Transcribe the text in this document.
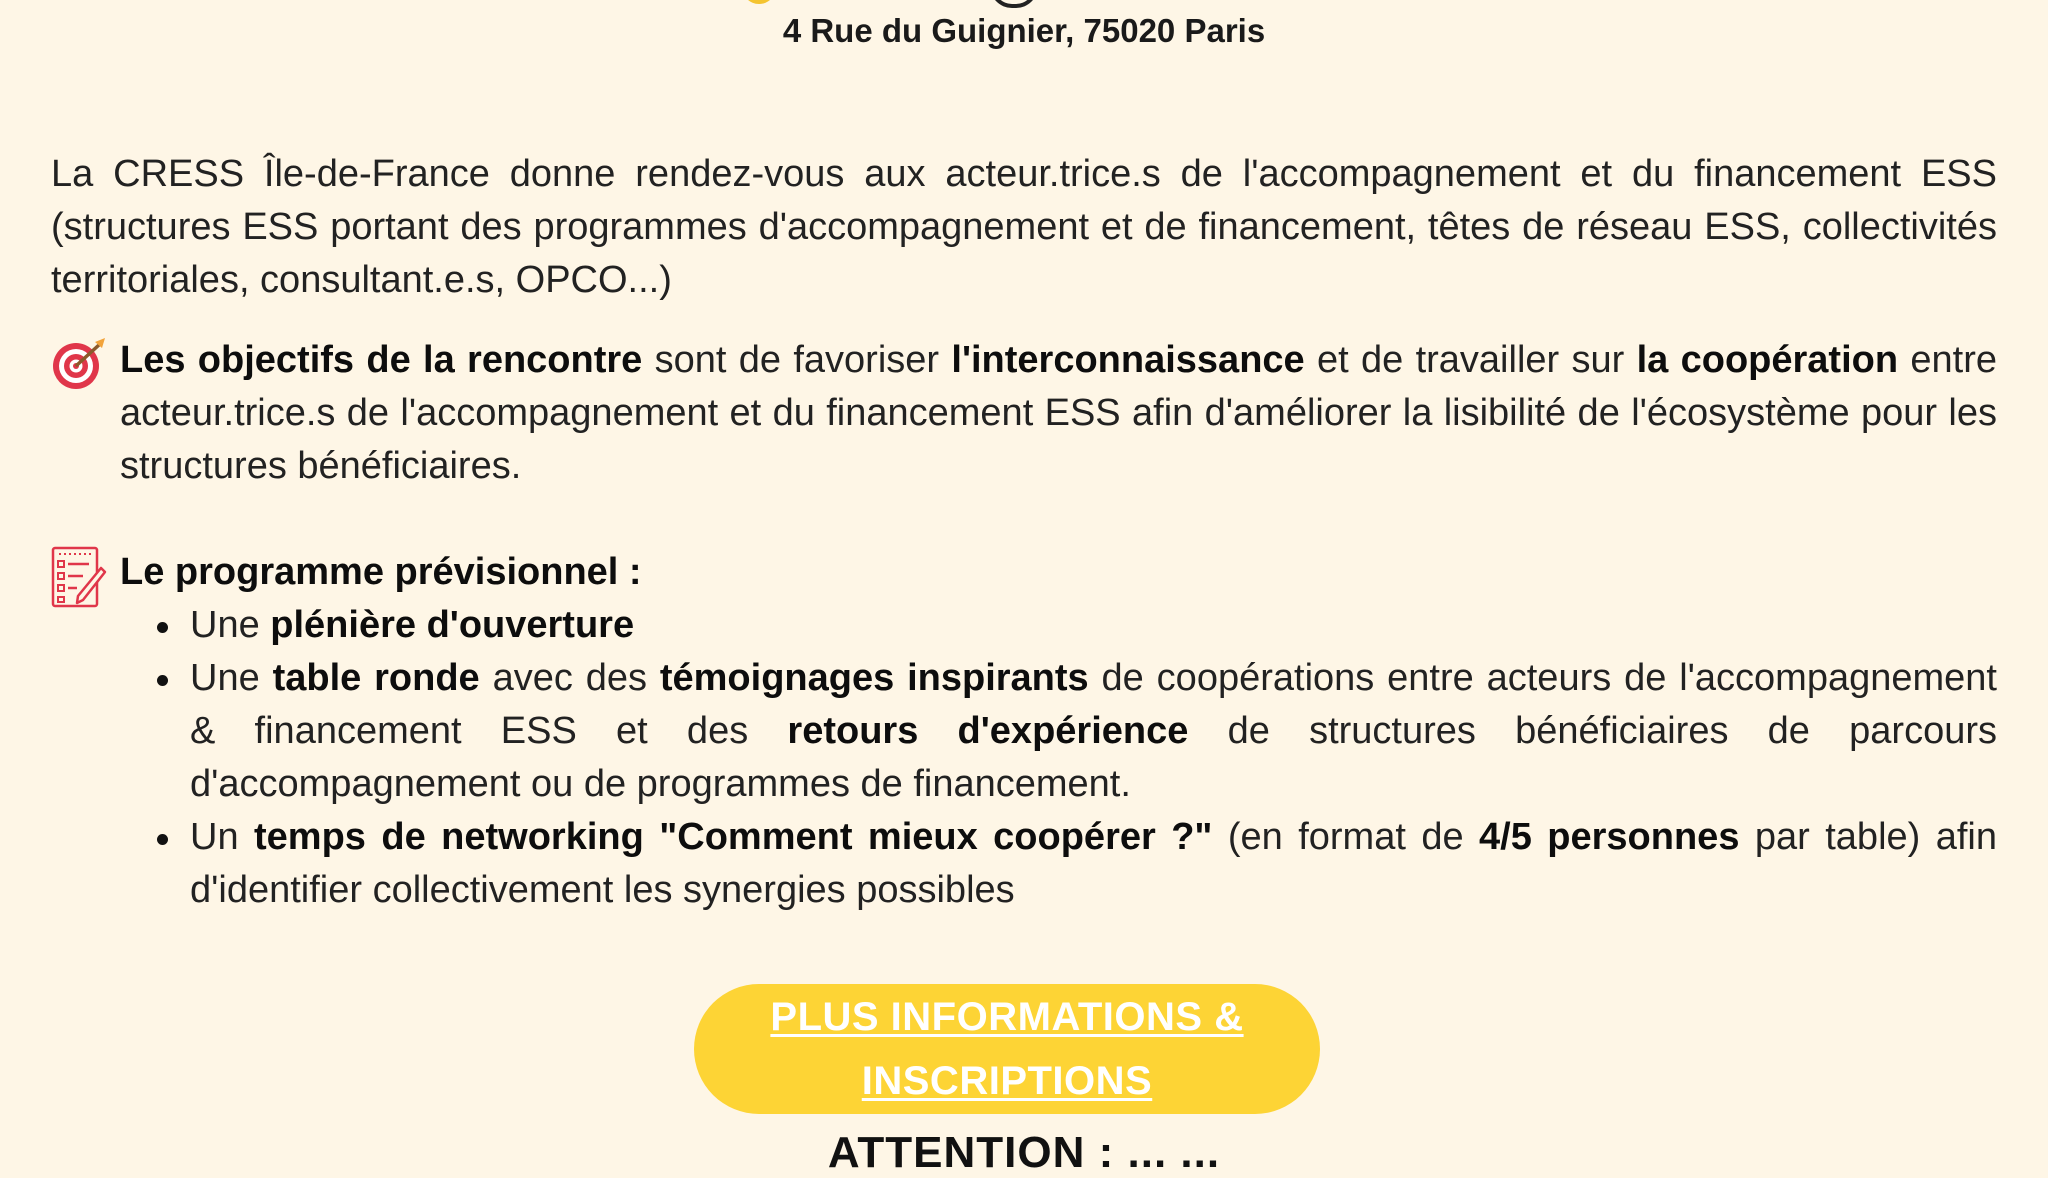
4 Rue du Guignier, 75020 Paris

La CRESS Île-de-France donne rendez-vous aux acteur.trice.s de l'accompagnement et du financement ESS (structures ESS portant des programmes d'accompagnement et de financement, têtes de réseau ESS, collectivités territoriales, consultant.e.s, OPCO...)

Les objectifs de la rencontre sont de favoriser l'interconnaissance et de travailler sur la coopération entre acteur.trice.s de l'accompagnement et du financement ESS afin d'améliorer la lisibilité de l'écosystème pour les structures bénéficiaires.

Le programme prévisionnel :
Une plénière d'ouverture
Une table ronde avec des témoignages inspirants de coopérations entre acteurs de l'accompagnement & financement ESS et des retours d'expérience de structures bénéficiaires de parcours d'accompagnement ou de programmes de financement.
Un temps de networking "Comment mieux coopérer ?" (en format de 4/5 personnes par table) afin d'identifier collectivement les synergies possibles
PLUS INFORMATIONS &
INSCRIPTIONS
ATTENTION : ... ...
